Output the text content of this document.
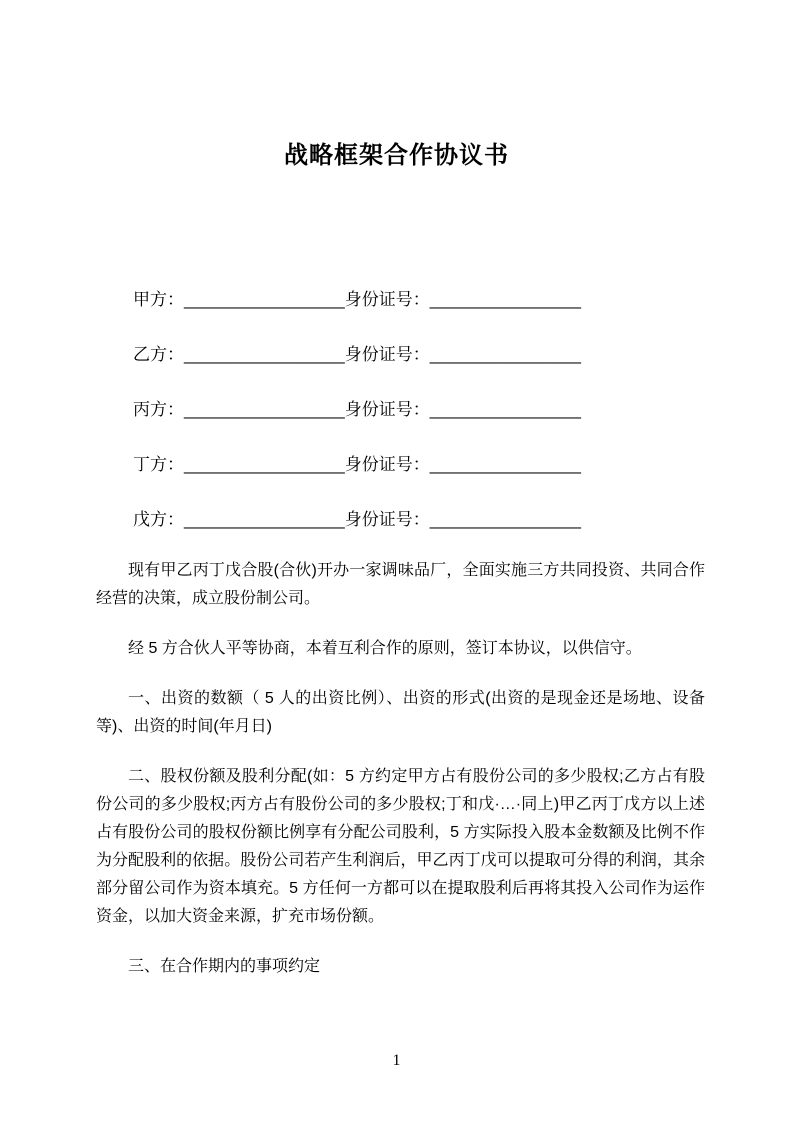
战略框架合作协议书
甲方：_________________身份证号：________________
乙方：_________________身份证号：________________
丙方：_________________身份证号：________________
丁方：_________________身份证号：________________
戊方：_________________身份证号：________________

现有甲乙丙丁戊合股(合伙)开办一家调味品厂，全面实施三方共同投资、共同合作经营的决策，成立股份制公司。

经 5 方合伙人平等协商，本着互利合作的原则，签订本协议，以供信守。

一、出资的数额（ 5 人的出资比例）、出资的形式(出资的是现金还是场地、设备等)、出资的时间(年月日)

二、股权份额及股利分配(如：5 方约定甲方占有股份公司的多少股权;乙方占有股份公司的多少股权;丙方占有股份公司的多少股权;丁和戊·…·同上)甲乙丙丁戊方以上述占有股份公司的股权份额比例享有分配公司股利，5 方实际投入股本金数额及比例不作为分配股利的依据。股份公司若产生利润后，甲乙丙丁戊可以提取可分得的利润，其余部分留公司作为资本填充。5 方任何一方都可以在提取股利后再将其投入公司作为运作资金，以加大资金来源，扩充市场份额。

三、在合作期内的事项约定

1
